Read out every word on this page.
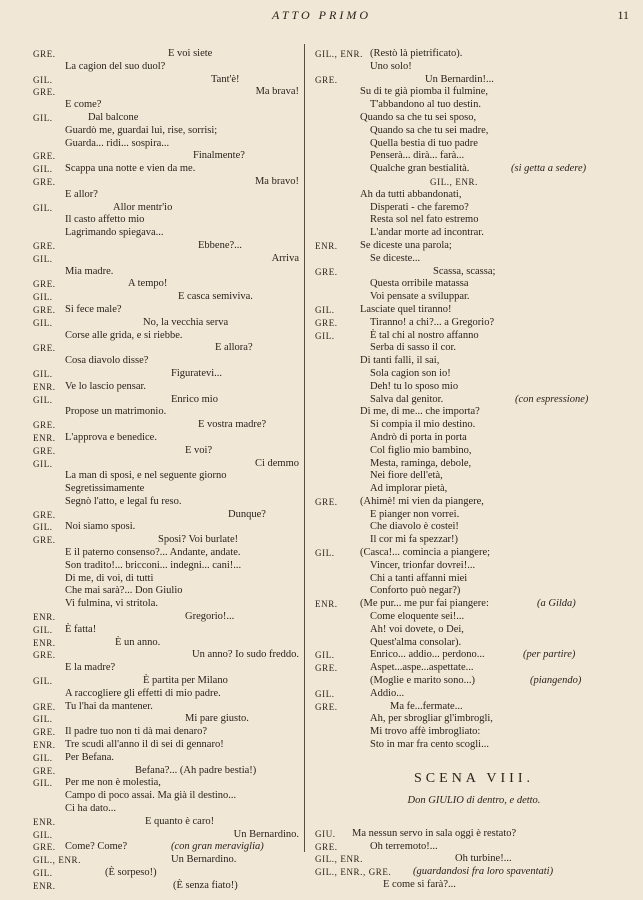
ATTO PRIMO	11
GRE.	E voi siete
La cagion del suo duol?
GIL.	Tant'è!
GRE.	Ma brava!
E come?
GIL.	Dal balcone
Guardò me, guardai lui, rise, sorrisi;
Guarda... ridi... sospira...
GRE.	Finalmente?
GIL. Scappa una notte e vien da me.
GRE.	Ma bravo!
E allor?
GIL.	Allor mentr'io
Il casto affetto mio
Lagrimando spiegava...
GRE.	Ebbene?...
GIL.	Arriva
Mia madre.
GRE.	A tempo!
GIL.	E casca semiviva.
GRE. Si fece male?
GIL.	No, la vecchia serva
Corse alle grida, e si riebbe.
GRE.	E allora?
Cosa diavolo disse?
GIL.	Figuratevi...
ENR. Ve lo lascio pensar.
GIL.	Enrico mio
Propose un matrimonio.
GRE.	E vostra madre?
ENR. L'approva e benedice.
GRE.	E voi?
GIL.	Ci demmo
La man di sposi, e nel seguente giorno
Segretissimamente
Segnò l'atto, e legal fu reso.
GRE.	Dunque?
GIL. Noi siamo sposi.
GRE.	Sposi? Voi burlate!
E il paterno consenso?... Andante, andate.
Son tradito!... bricconi... indegni... cani!...
Di me, di voi, di tutti
Che mai sarà?... Don Giulio
Vi fulmina, vi stritola.
ENR.	Gregorio!...
GIL. È fatta!
ENR.	È un anno.
GRE.	Un anno? Io sudo freddo.
E la madre?
GIL.	È partita per Milano
A raccogliere gli effetti di mio padre.
GRE. Tu l'hai da mantener.
GIL.	Mi pare giusto.
GRE. Il padre tuo non ti dà mai denaro?
ENR. Tre scudi all'anno il dì sei di gennaro!
GIL. Per Befana.
GRE.	Befana?... (Ah padre bestia!)
GIL. Per me non è molestia,
Campo di poco assai. Ma già il destino...
Ci ha dato...
ENR.	E quanto è caro!
GIL.	Un Bernardino.
GRE. Come? Come?	(con gran meraviglia)
GIL., ENR.	Un Bernardino.
GIL.	(È sorpeso!)
ENR.	(È senza fiato!)
GIL., ENR. (Restò là pietrificato).
Uno solo!
GRE.	Un Bernardin!...
Su di te già piomba il fulmine,
T'abbandono al tuo destin.
Quando sa che tu sei sposo,
Quando sa che tu sei madre,
Quella bestia di tuo padre
Penserà... dirà... farà...
Qualche gran bestialità.	(si getta a sedere)
GIL., ENR.
Ah da tutti abbandonati,
Disperati - che faremo?
Resta sol nel fato estremo
L'andar morte ad incontrar.
ENR. Se diceste una parola;
Se diceste...
GRE.	Scassa, scassa;
Questa orribile matassa
Voi pensate a sviluppar.
GIL. Lasciate quel tiranno!
GRE.	Tiranno! a chi?... a Gregorio?
GIL.	È tal chi al nostro affanno
Serba di sasso il cor.
Di tanti falli, il sai,
Sola cagion son io!
Deh! tu lo sposo mio
Salva dal genitor.	(con espressione)
Di me, di me... che importa?
Si compia il mio destino.
Andrò di porta in porta
Col figlio mio bambino,
Mesta, raminga, debole,
Nei fiore dell'età,
Ad implorar pietà,
GRE. (Ahimè! mi vien da piangere,
E pianger non vorrei.
Che diavolo è costei!
Il cor mi fa spezzar!)
GIL. (Casca!... comincia a piangere;
Vincer, trionfar dovrei!...
Chi a tanti affanni miei
Conforto può negar?)
ENR. (Me pur... me pur fai piangere:	(a Gilda)
Come eloquente sei!...
Ah! voi dovete, o Dei,
Quest'alma consolar).
GIL.	Enrico... addio... perdono...	(per partire)
GRE.	Aspet...aspe...aspettate...
(Moglie e marito sono...)	(piangendo)
GIL.	Addio...
GRE.	Ma fe...fermate...
Ah, per sbrogliar gl'imbrogli,
Mi trovo affè imbrogliato:
Sto in mar fra cento scogli...
SCENA VIII.
Don GIULIO di dentro, e detto.
GIU. Ma nessun servo in sala oggi è restato?
GRE.	Oh terremoto!...
GIL., ENR.	Oh turbine!...
GIL., ENR., GRE. (guardandosi fra loro spaventati)
E come si farà?...
